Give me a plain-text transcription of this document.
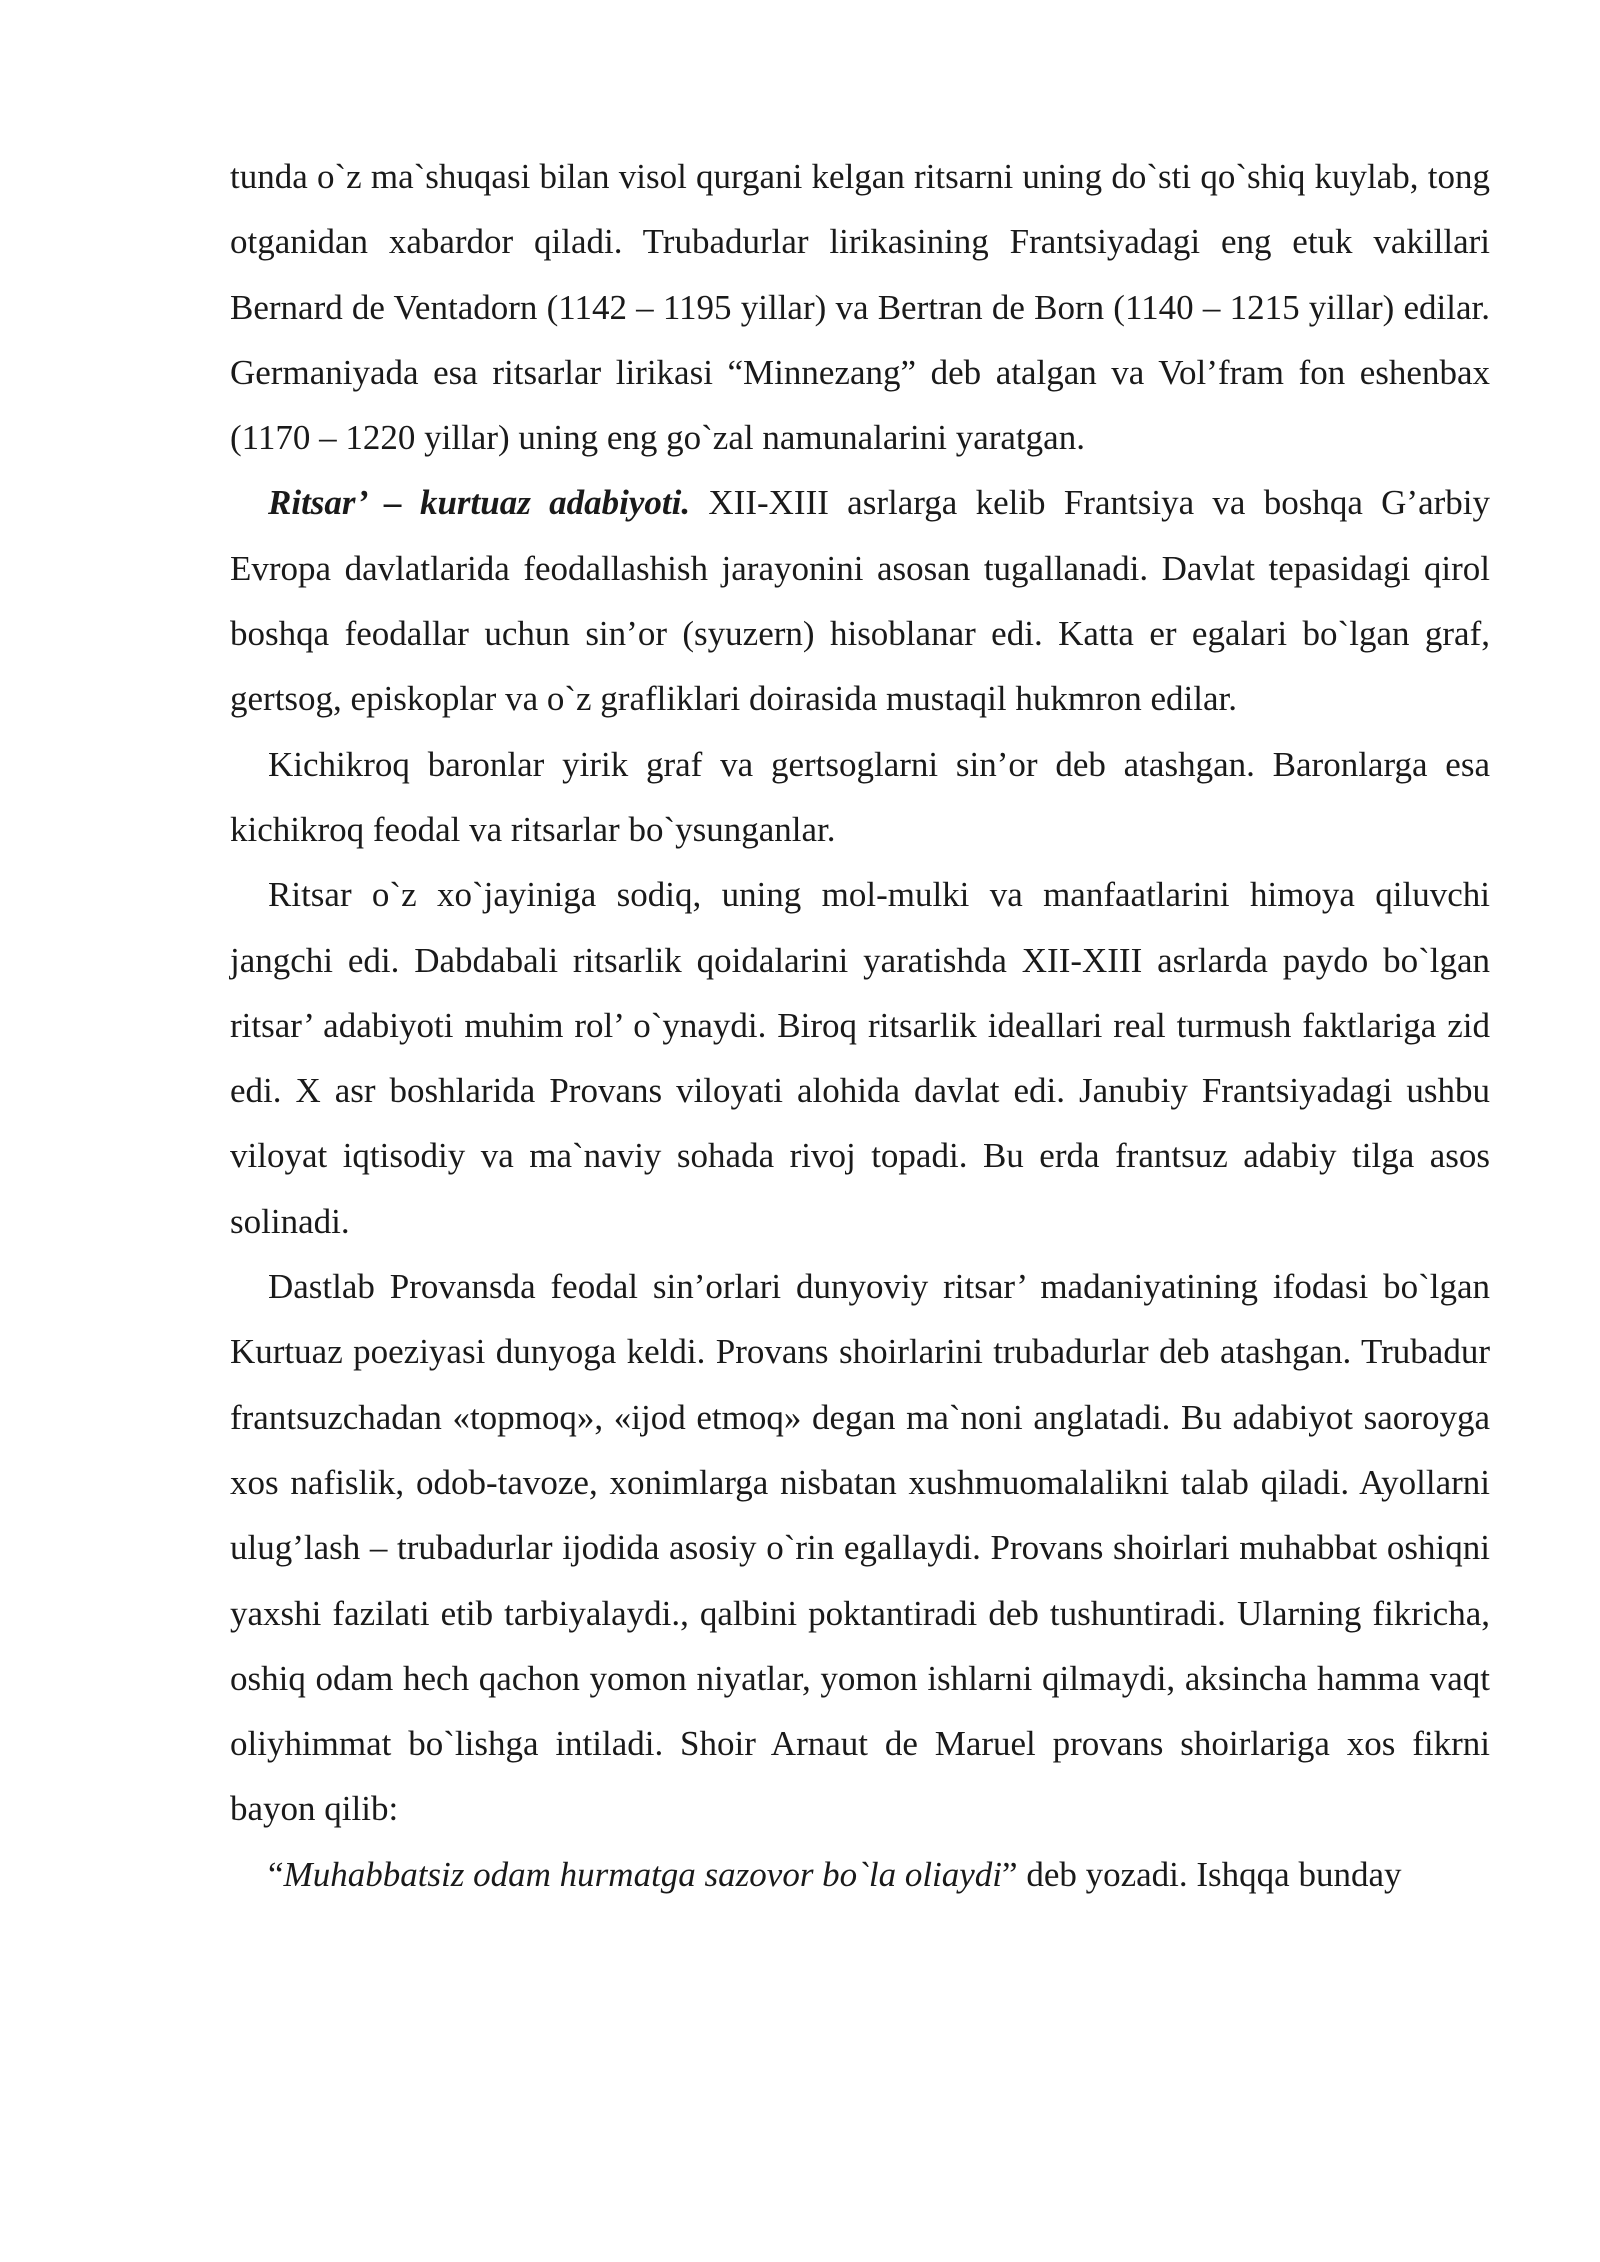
tunda o`z ma`shuqasi bilan visol qurgani kelgan ritsarni uning do`sti qo`shiq kuylab, tong otganidan xabardor qiladi. Trubadurlar lirikasining Frantsiyadagi eng etuk vakillari Bernard de Ventadorn (1142 – 1195 yillar) va Bertran de Born (1140 – 1215 yillar) edilar. Germaniyada esa ritsarlar lirikasi “Minnezang” deb atalgan va Vol’fram fon eshenbax (1170 – 1220 yillar) uning eng go`zal namunalarini yaratgan.

Ritsar’ – kurtuaz adabiyoti. XII-XIII asrlarga kelib Frantsiya va boshqa G’arbiy Evropa davlatlarida feodallashish jarayonini asosan tugallanadi. Davlat tepasidagi qirol boshqa feodallar uchun sin’or (syuzern) hisoblanar edi. Katta er egalari bo`lgan graf, gertsog, episkoplar va o`z grafliklari doirasida mustaqil hukmron edilar.

Kichikroq baronlar yirik graf va gertsoglarni sin’or deb atashgan. Baronlarga esa kichikroq feodal va ritsarlar bo`ysunganlar.

Ritsar o`z xo`jayiniga sodiq, uning mol-mulki va manfaatlarini himoya qiluvchi jangchi edi. Dabdabali ritsarlik qoidalarini yaratishda XII-XIII asrlarda paydo bo`lgan ritsar’ adabiyoti muhim rol’ o`ynaydi. Biroq ritsarlik ideallari real turmush faktlariga zid edi. X asr boshlarida Provans viloyati alohida davlat edi. Janubiy Frantsiyadagi ushbu viloyat iqtisodiy va ma`naviy sohada rivoj topadi. Bu erda frantsuz adabiy tilga asos solinadi.

Dastlab Provansda feodal sin’orlari dunyoviy ritsar’ madaniyatining ifodasi bo`lgan Kurtuaz poeziyasi dunyoga keldi. Provans shoirlarini trubadurlar deb atashgan. Trubadur frantsuzchadan «topmoq», «ijod etmoq» degan ma`noni anglatadi. Bu adabiyot saoroyga xos nafislik, odob-tavoze, xonimlarga nisbatan xushmuomalalikni talab qiladi. Ayollarni ulug’lash – trubadurlar ijodida asosiy o`rin egallaydi. Provans shoirlari muhabbat oshiqni yaxshi fazilati etib tarbiyalaydi., qalbini poktantiradi deb tushuntiradi. Ularning fikricha, oshiq odam hech qachon yomon niyatlar, yomon ishlarni qilmaydi, aksincha hamma vaqt oliyhimmat bo`lishga intiladi. Shoir Arnaut de Maruel provans shoirlariga xos fikrni bayon qilib:

“Muhabbatsiz odam hurmatga sazovor bo`la oliaydi” deb yozadi. Ishqqa bunday
